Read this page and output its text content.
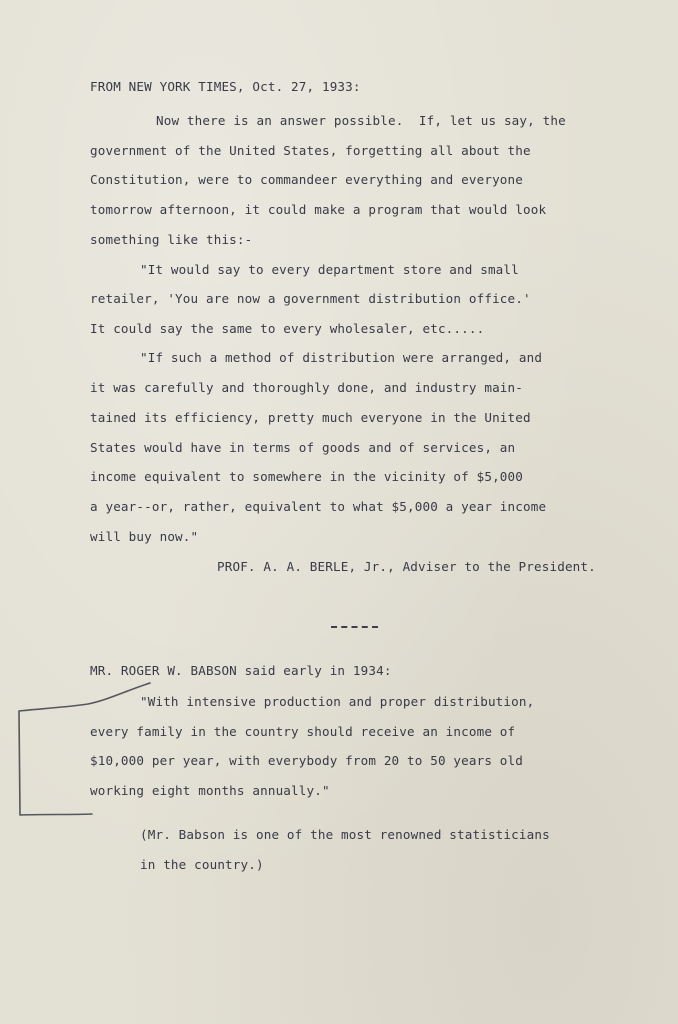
FROM NEW YORK TIMES, Oct. 27, 1933:
Now there is an answer possible.  If, let us say, the
government of the United States, forgetting all about the
Constitution, were to commandeer everything and everyone
tomorrow afternoon, it could make a program that would look
something like this:-
"It would say to every department store and small
retailer, 'You are now a government distribution office.'
It could say the same to every wholesaler, etc.....
"If such a method of distribution were arranged, and
it was carefully and thoroughly done, and industry main-
tained its efficiency, pretty much everyone in the United
States would have in terms of goods and of services, an
income equivalent to somewhere in the vicinity of $5,000
a year--or, rather, equivalent to what $5,000 a year income
will buy now."
PROF. A. A. BERLE, Jr., Adviser to the President.
MR. ROGER W. BABSON said early in 1934:
"With intensive production and proper distribution,
every family in the country should receive an income of
$10,000 per year, with everybody from 20 to 50 years old
working eight months annually."
(Mr. Babson is one of the most renowned statisticians
in the country.)
